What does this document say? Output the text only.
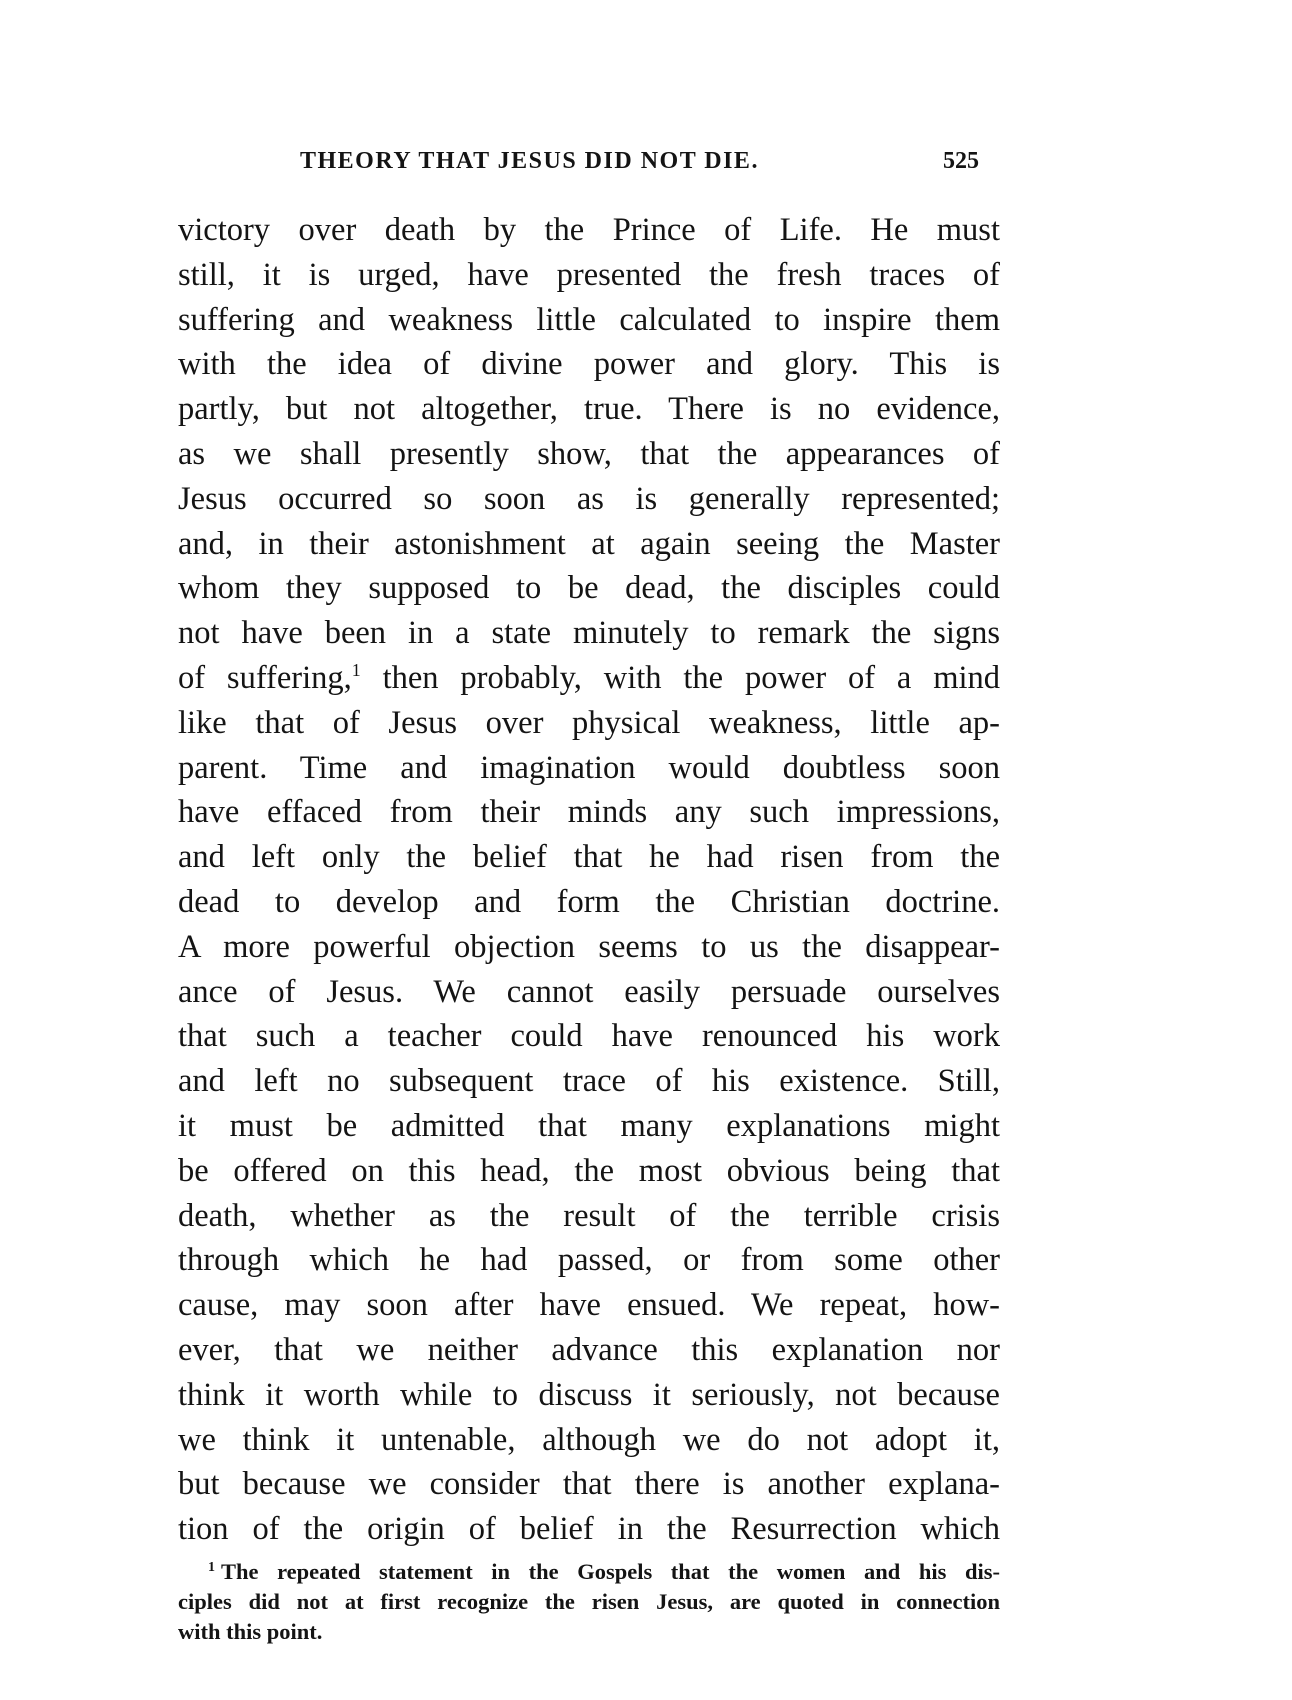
THEORY THAT JESUS DID NOT DIE.	525
victory over death by the Prince of Life. He must
still, it is urged, have presented the fresh traces of
suffering and weakness little calculated to inspire them
with the idea of divine power and glory. This is
partly, but not altogether, true. There is no evidence,
as we shall presently show, that the appearances of
Jesus occurred so soon as is generally represented;
and, in their astonishment at again seeing the Master
whom they supposed to be dead, the disciples could
not have been in a state minutely to remark the signs
of suffering,$^1$ then probably, with the power of a mind
like that of Jesus over physical weakness, little ap-
parent. Time and imagination would doubtless soon
have effaced from their minds any such impressions,
and left only the belief that he had risen from the
dead to develop and form the Christian doctrine.
A more powerful objection seems to us the disappear-
ance of Jesus. We cannot easily persuade ourselves
that such a teacher could have renounced his work
and left no subsequent trace of his existence. Still,
it must be admitted that many explanations might
be offered on this head, the most obvious being that
death, whether as the result of the terrible crisis
through which he had passed, or from some other
cause, may soon after have ensued. We repeat, how-
ever, that we neither advance this explanation nor
think it worth while to discuss it seriously, not because
we think it untenable, although we do not adopt it,
but because we consider that there is another explana-
tion of the origin of belief in the Resurrection which
$^1$ The repeated statement in the Gospels that the women and his dis-
ciples did not at first recognize the risen Jesus, are quoted in connection
with this point.
